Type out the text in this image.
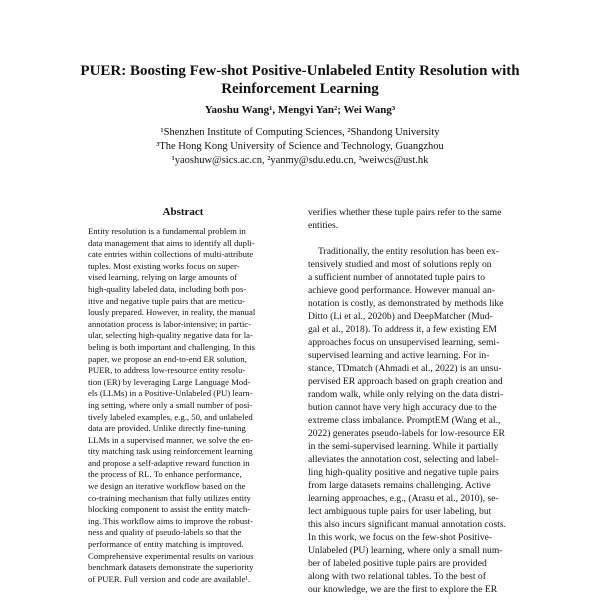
PUER: Boosting Few-shot Positive-Unlabeled Entity Resolution with
Reinforcement Learning
Yaoshu Wang¹, Mengyi Yan²; Wei Wang³
¹Shenzhen Institute of Computing Sciences, ²Shandong University
³The Hong Kong University of Science and Technology, Guangzhou
¹yaoshuw@sics.ac.cn, ²yanmy@sdu.edu.cn, ³weiwcs@ust.hk
Abstract
Entity resolution is a fundamental problem in
data management that aims to identify all dupli-
cate entries within collections of multi-attribute
tuples. Most existing works focus on super-
vised learning, relying on large amounts of
high-quality labeled data, including both pos-
itive and negative tuple pairs that are meticu-
lously prepared. However, in reality, the manual
annotation process is labor-intensive; in partic-
ular, selecting high-quality negative data for la-
beling is both important and challenging. In this
paper, we propose an end-to-end ER solution,
PUER, to address low-resource entity resolu-
tion (ER) by leveraging Large Language Mod-
els (LLMs) in a Positive-Unlabeled (PU) learn-
ing setting, where only a small number of posi-
tively labeled examples, e.g., 50, and unlabeled
data are provided. Unlike directly fine-tuning
LLMs in a supervised manner, we solve the en-
tity matching task using reinforcement learning
and propose a self-adaptive reward function in
the process of RL. To enhance performance,
we design an iterative workflow based on the
co-training mechanism that fully utilizes entity
blocking component to assist the entity match-
ing. This workflow aims to improve the robust-
ness and quality of pseudo-labels so that the
performance of entity matching is improved.
Comprehensive experimental results on various
benchmark datasets demonstrate the superiority
of PUER. Full version and code are available¹.
verifies whether these tuple pairs refer to the same
entities.
Traditionally, the entity resolution has been ex-
tensively studied and most of solutions reply on
a sufficient number of annotated tuple pairs to
achieve good performance. However manual an-
notation is costly, as demonstrated by methods like
Ditto (Li et al., 2020b) and DeepMatcher (Mud-
gal et al., 2018). To address it, a few existing EM
approaches focus on unsupervised learning, semi-
supervised learning and active learning. For in-
stance, TDmatch (Ahmadi et al., 2022) is an unsu-
pervised ER approach based on graph creation and
random walk, while only relying on the data distri-
bution cannot have very high accuracy due to the
extreme class imbalance. PromptEM (Wang et al.,
2022) generates pseudo-labels for low-resource ER
in the semi-supervised learning. While it partially
alleviates the annotation cost, selecting and label-
ling high-quality positive and negative tuple pairs
from large datasets remains challenging. Active
learning approaches, e.g., (Arasu et al., 2010), se-
lect ambiguous tuple pairs for user labeling, but
this also incurs significant manual annotation costs.
In this work, we focus on the few-shot Positive-
Unlabeled (PU) learning, where only a small num-
ber of labeled positive tuple pairs are provided
along with two relational tables. To the best of
our knowledge, we are the first to explore the ER
